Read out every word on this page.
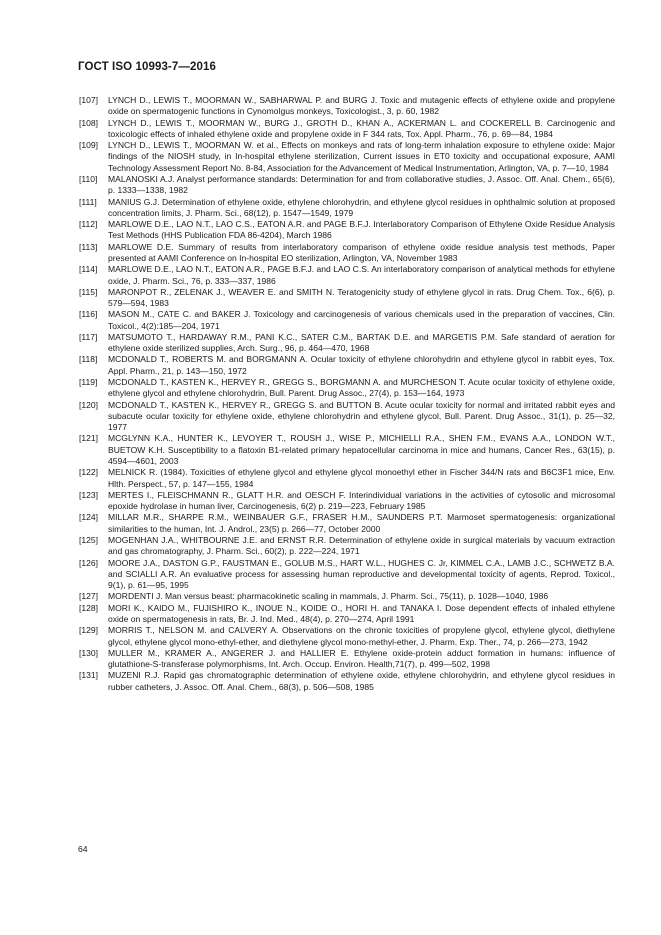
ГОСТ ISO 10993-7—2016
[107]	LYNCH D., LEWIS T., MOORMAN W., SABHARWAL P. and BURG J. Toxic and mutagenic effects of ethylene oxide and propylene oxide on spermatogenic functions in Cynomolgus monkeys, Toxicologist., 3, p. 60, 1982
[108]	LYNCH D., LEWIS T., MOORMAN W., BURG J., GROTH D., KHAN A., ACKERMAN L. and COCKERELL B. Carcinogenic and toxicologic effects of inhaled ethylene oxide and propylene oxide in F 344 rats, Tox. Appl. Pharm., 76, p. 69—84, 1984
[109]	LYNCH D., LEWIS T., MOORMAN W. et al., Effects on monkeys and rats of long-term inhalation exposure to ethylene oxide: Major findings of the NIOSH study, in In-hospital ethylene sterilization, Current issues in ET0 toxicity and occupational exposure, AAMI Technology Assessment Report No. 8-84, Association for the Advancement of Medical Instrumentation, Arlington, VA, p. 7—10, 1984
[110]	MALANOSKI A.J. Analyst performance standards: Determination for and from collaborative studies, J. Assoc. Off. Anal. Chem., 65(6), p. 1333—1338, 1982
[111]	MANIUS G.J. Determination of ethylene oxide, ethylene chlorohydrin, and ethylene glycol residues in ophthalmic solution at proposed concentration limits, J. Pharm. Sci., 68(12), p. 1547—1549, 1979
[112]	MARLOWE D.E., LAO N.T., LAO C.S., EATON A.R. and PAGE B.F.J. Interlaboratory Comparison of Ethylene Oxide Residue Analysis Test Methods (HHS Publication FDA 86-4204), March 1986
[113]	MARLOWE D.E. Summary of results from interlaboratory comparison of ethylene oxide residue analysis test methods, Paper presented at AAMI Conference on In-hospital EO sterilization, Arlington, VA, November 1983
[114]	MARLOWE D.E., LAO N.T., EATON A.R., PAGE B.F.J. and LAO C.S. An interlaboratory comparison of analytical methods for ethylene oxide, J. Pharm. Sci., 76, p. 333—337, 1986
[115]	MARONPOT R., ZELENAK J., WEAVER E. and SMITH N. Teratogenicity study of ethylene glycol in rats. Drug Chem. Tox., 6(6), p. 579—594, 1983
[116]	MASON M., CATE C. and BAKER J. Toxicology and carcinogenesis of various chemicals used in the preparation of vaccines, Clin. Toxicol., 4(2):185—204, 1971
[117]	MATSUMOTO T., HARDAWAY R.M., PANI K.C., SATER C.M., BARTAK D.E. and MARGETIS P.M. Safe standard of aeration for ethylene oxide sterilized supplies, Arch. Surg., 96, p. 464—470, 1968
[118]	MCDONALD T., ROBERTS M. and BORGMANN A. Ocular toxicity of ethylene chlorohydrin and ethylene glycol in rabbit eyes, Tox. Appl. Pharm., 21, p. 143—150, 1972
[119]	MCDONALD T., KASTEN K., HERVEY R., GREGG S., BORGMANN A. and MURCHESON T. Acute ocular toxicity of ethylene oxide, ethylene glycol and ethylene chlorohydrin, Bull. Parent. Drug Assoc., 27(4), p. 153—164, 1973
[120]	MCDONALD T., KASTEN K., HERVEY R., GREGG S. and BUTTON B. Acute ocular toxicity for normal and irritated rabbit eyes and subacute ocular toxicity for ethylene oxide, ethylene chlorohydrin and ethylene glycol, Bull. Parent. Drug Assoc., 31(1), p. 25—32, 1977
[121]	MCGLYNN K.A., HUNTER K., LEVOYER T., ROUSH J., WISE P., MICHIELLI R.A., SHEN F.M., EVANS A.A., LONDON W.T., BUETOW K.H. Susceptibility to a flatoxin B1-related primary hepatocellular carcinoma in mice and humans, Cancer Res., 63(15), p. 4594—4601, 2003
[122]	MELNICK R. (1984). Toxicities of ethylene glycol and ethylene glycol monoethyl ether in Fischer 344/N rats and B6C3F1 mice, Env. Hlth. Perspect., 57, p. 147—155, 1984
[123]	MERTES I., FLEISCHMANN R., GLATT H.R. and OESCH F. Interindividual variations in the activities of cytosolic and microsomal epoxide hydrolase in human liver, Carcinogenesis, 6(2) p. 219—223, February 1985
[124]	MILLAR M.R., SHARPE R.M., WEINBAUER G.F., FRASER H.M., SAUNDERS P.T. Marmoset spermatogenesis: organizational similarities to the human, Int. J. Androl., 23(5) p. 266—77, October 2000
[125]	MOGENHAN J.A., WHITBOURNE J.E. and ERNST R.R. Determination of ethylene oxide in surgical materials by vacuum extraction and gas chromatography, J. Pharm. Sci., 60(2), p. 222—224, 1971
[126]	MOORE J.A., DASTON G.P., FAUSTMAN E., GOLUB M.S., HART W.L., HUGHES C. Jr, KIMMEL C.A., LAMB J.C., SCHWETZ B.A. and SCIALLI A.R. An evaluative process for assessing human reproductive and developmental toxicity of agents, Reprod. Toxicol., 9(1), p. 61—95, 1995
[127]	MORDENTI J. Man versus beast: pharmacokinetic scaling in mammals, J. Pharm. Sci., 75(11), p. 1028—1040, 1986
[128]	MORI K., KAIDO M., FUJISHIRO K., INOUE N., KOIDE O., HORI H. and TANAKA I. Dose dependent effects of inhaled ethylene oxide on spermatogenesis in rats, Br. J. Ind. Med., 48(4), p. 270—274, April 1991
[129]	MORRIS T., NELSON M. and CALVERY A. Observations on the chronic toxicities of propylene glycol, ethylene glycol, diethylene glycol, ethylene glycol mono-ethyl-ether, and diethylene glycol mono-methyl-ether, J. Pharm. Exp. Ther., 74, p. 266—273, 1942
[130]	MULLER M., KRAMER A., ANGERER J. and HALLIER E. Ethylene oxide-protein adduct formation in humans: influence of glutathione-S-transferase polymorphisms, Int. Arch. Occup. Environ. Health,71(7), p. 499—502, 1998
[131]	MUZENI R.J. Rapid gas chromatographic determination of ethylene oxide, ethylene chlorohydrin, and ethylene glycol residues in rubber catheters, J. Assoc. Off. Anal. Chem., 68(3), p. 506—508, 1985
64
